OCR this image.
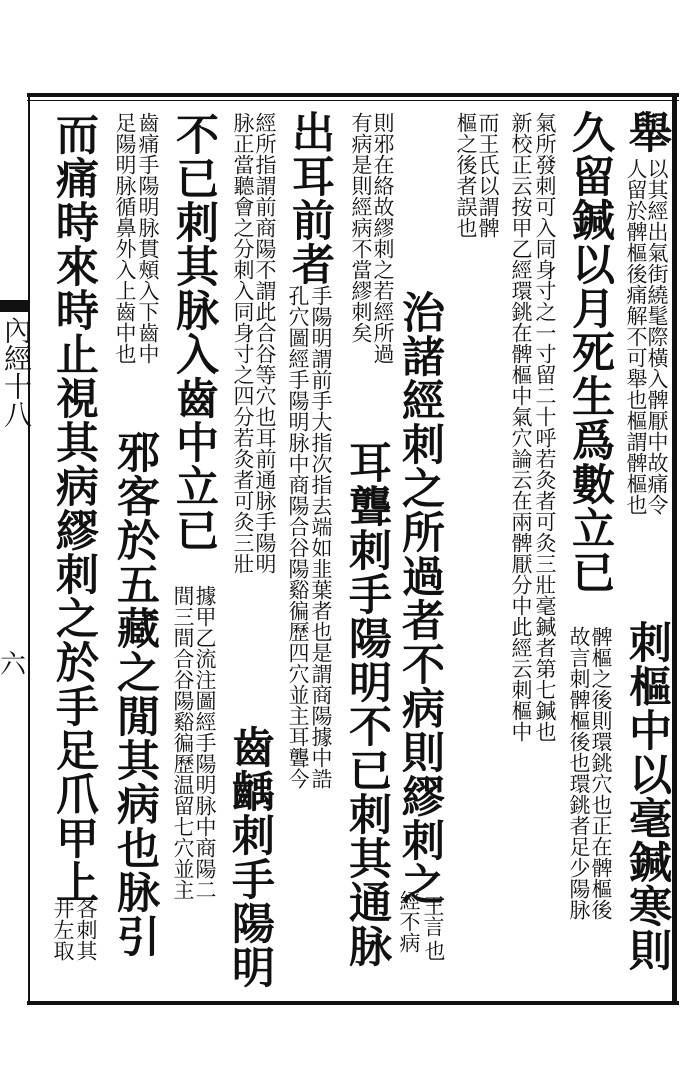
內經十八
六
舉
以其經出氣街繞髦際橫入髀厭中故痛令
人留於髀樞後痛解不可舉也樞謂髀樞也
刺樞中以毫鍼寒則
久留鍼以月死生爲數立已
髀樞之後則環銚穴也正在髀樞後
故言刺髀樞後也環銚者足少陽脉
氣所發刺可入同身寸之一寸留二十呼若灸者可灸三壯毫鍼者第七鍼也
新校正云按甲乙經環銚在髀樞中氣穴論云在兩髀厭分中此經云刺樞中
而王氏以謂髀
樞之後者誤也
治諸經刺之所過者不病則繆刺之
王言
經不病 也
則邪在絡故繆刺之若經所過
有病是則經病不當繆刺矣
耳聾刺手陽明不已刺其通脉
出耳前者
手陽明謂前手大指次指去端如韭葉者也是謂商陽據中誥
孔穴圖經手陽明脉中商陽合谷陽谿徧歷四穴並主耳聾今
經所指謂前商陽不謂此合谷等穴也耳前通脉手陽明
脉正當聽會之分刺入同身寸之四分若灸者可灸三壯
齒齲刺手陽明
不已刺其脉入齒中立已
據甲乙流注圖經手陽明脉中商陽二
間三間合谷陽谿徧歷温留七穴並主
齒痛手陽明脉貫頰入下齒中
足陽明脉循鼻外入上齒中也
邪客於五藏之閒其病也脉引
而痛時來時止視其病繆刺之於手足爪甲上
各刺其
井左取
